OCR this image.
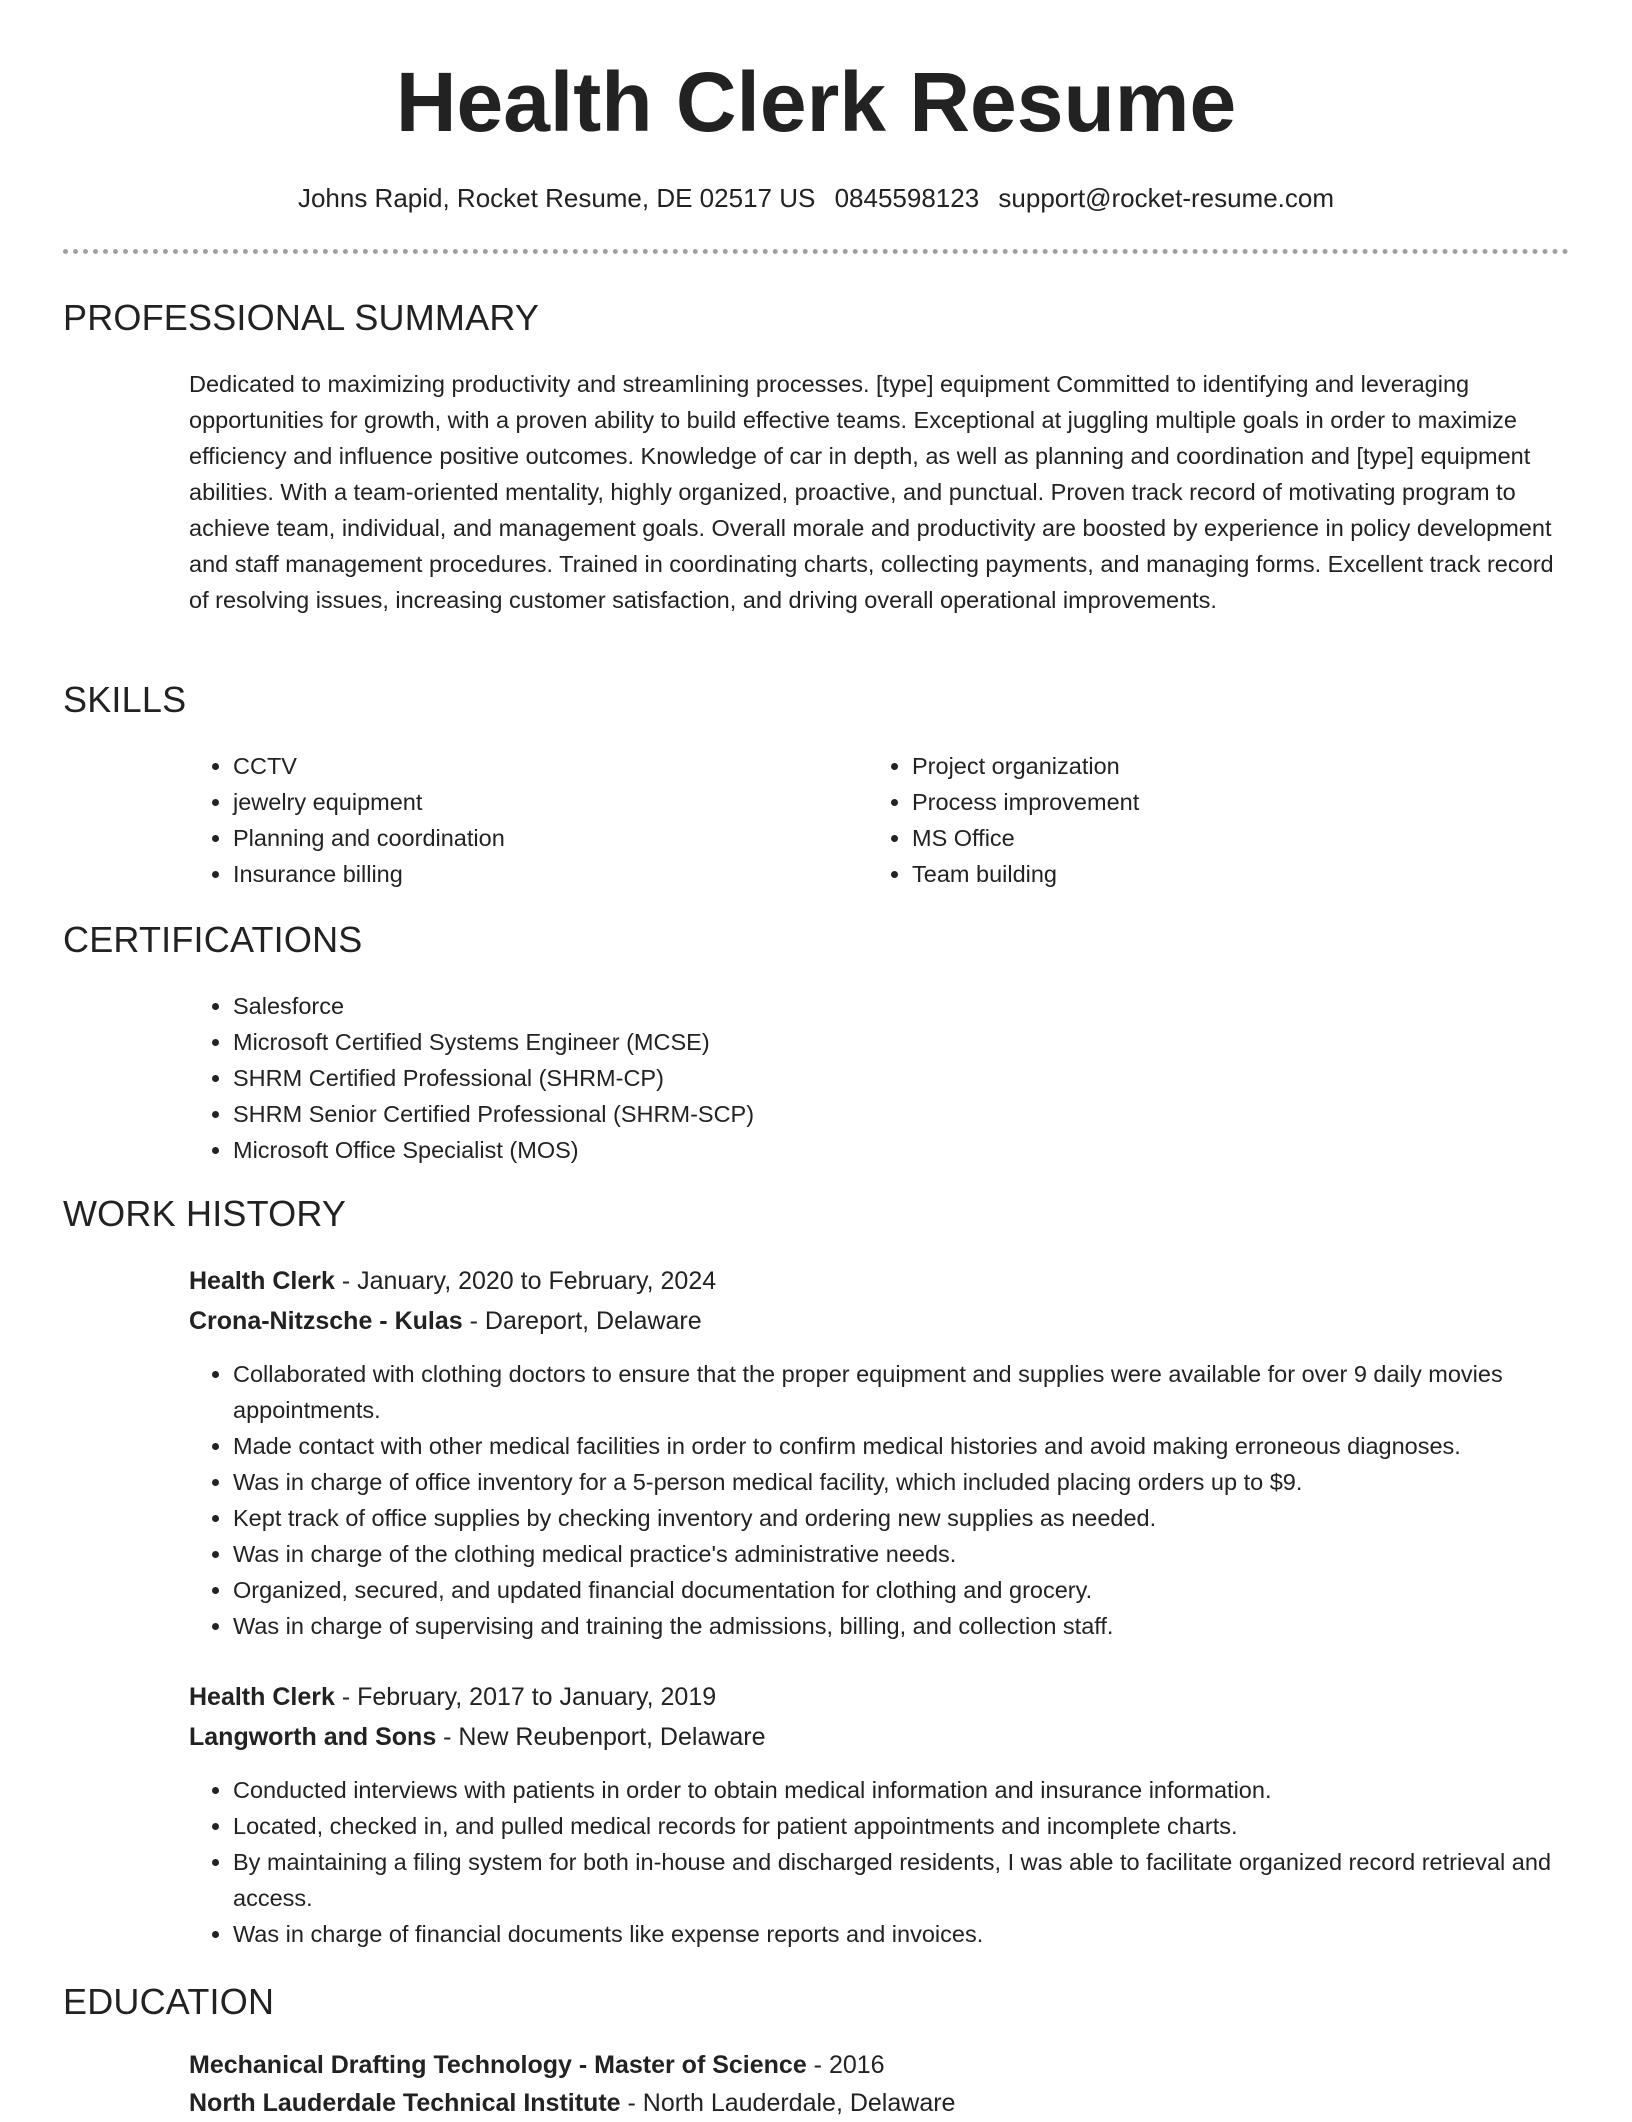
Health Clerk Resume
Johns Rapid, Rocket Resume, DE 02517 US 0845598123 support@rocket-resume.com
PROFESSIONAL SUMMARY

Dedicated to maximizing productivity and streamlining processes. [type] equipment Committed to identifying and leveraging opportunities for growth, with a proven ability to build effective teams. Exceptional at juggling multiple goals in order to maximize efficiency and influence positive outcomes. Knowledge of car in depth, as well as planning and coordination and [type] equipment abilities. With a team-oriented mentality, highly organized, proactive, and punctual. Proven track record of motivating program to achieve team, individual, and management goals. Overall morale and productivity are boosted by experience in policy development and staff management procedures. Trained in coordinating charts, collecting payments, and managing forms. Excellent track record of resolving issues, increasing customer satisfaction, and driving overall operational improvements.

SKILLS
• CCTV
• jewelry equipment
• Planning and coordination
• Insurance billing
• Project organization
• Process improvement
• MS Office
• Team building
CERTIFICATIONS
• Salesforce
• Microsoft Certified Systems Engineer (MCSE)
• SHRM Certified Professional (SHRM-CP)
• SHRM Senior Certified Professional (SHRM-SCP)
• Microsoft Office Specialist (MOS)
WORK HISTORY
Health Clerk - January, 2020 to February, 2024
Crona-Nitzsche - Kulas - Dareport, Delaware
• Collaborated with clothing doctors to ensure that the proper equipment and supplies were available for over 9 daily movies appointments.
• Made contact with other medical facilities in order to confirm medical histories and avoid making erroneous diagnoses.
• Was in charge of office inventory for a 5-person medical facility, which included placing orders up to $9.
• Kept track of office supplies by checking inventory and ordering new supplies as needed.
• Was in charge of the clothing medical practice's administrative needs.
• Organized, secured, and updated financial documentation for clothing and grocery.
• Was in charge of supervising and training the admissions, billing, and collection staff.
Health Clerk - February, 2017 to January, 2019
Langworth and Sons - New Reubenport, Delaware
• Conducted interviews with patients in order to obtain medical information and insurance information.
• Located, checked in, and pulled medical records for patient appointments and incomplete charts.
• By maintaining a filing system for both in-house and discharged residents, I was able to facilitate organized record retrieval and access.
• Was in charge of financial documents like expense reports and invoices.
EDUCATION
Mechanical Drafting Technology - Master of Science - 2016
North Lauderdale Technical Institute - North Lauderdale, Delaware
